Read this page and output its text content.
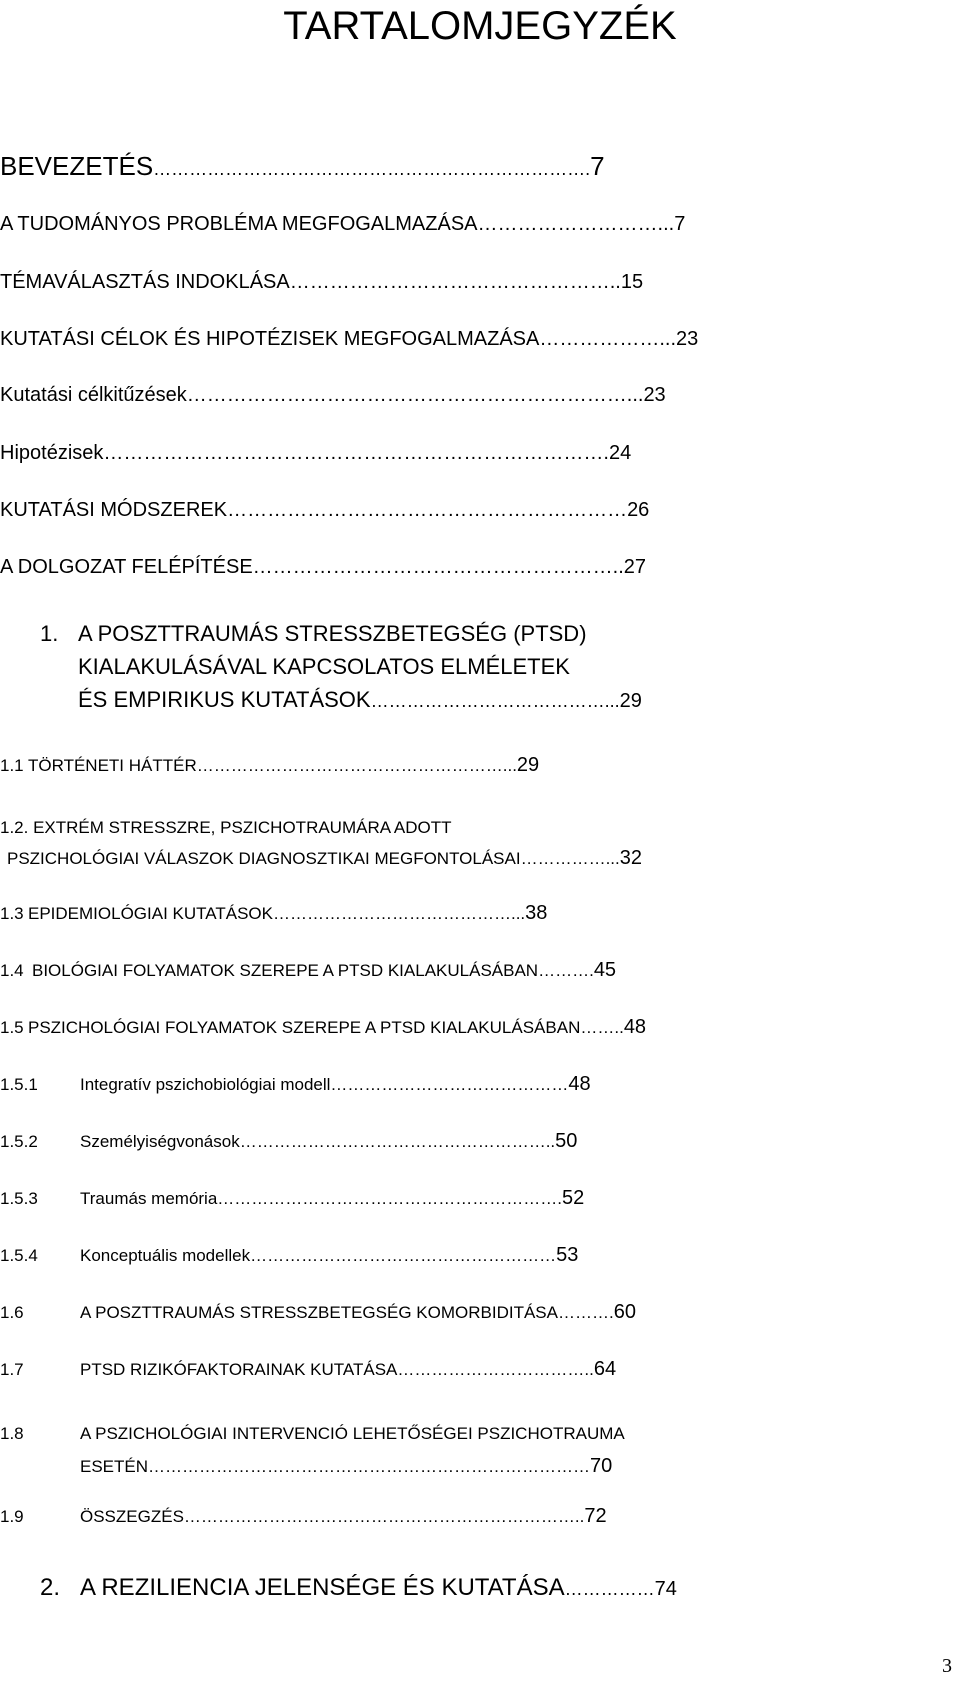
TARTALOMJEGYZÉK
BEVEZETÉS……………………………………………………………….7
A TUDOMÁNYOS PROBLÉMA MEGFOGALMAZÁSA………………………...7
TÉMAVÁLASZTÁS INDOKLÁSA…………………………………………..15
KUTATÁSI CÉLOK ÉS HIPOTÉZISEK MEGFOGALMAZÁSA………………...23
Kutatási célkitűzések…………………………………………………………...23
Hipotézisek………………………………………………………………….24
KUTATÁSI MÓDSZEREK……………………………………………………26
A DOLGOZAT FELÉPÍTÉSE………………………………………………..27
1. A POSZTTRAUMÁS STRESSZBETEGSÉG (PTSD)
KIALAKULÁSÁVAL KAPCSOLATOS ELMÉLETEK
ÉS EMPIRIKUS KUTATÁSOK…………………………………...29
1.1 TÖRTÉNETI HÁTTÉR………………………………………………...29
1.2. EXTRÉM STRESSZRE, PSZICHOTRAUMÁRA ADOTT
PSZICHOLÓGIAI VÁLASZOK DIAGNOSZTIKAI MEGFONTOLÁSAI……………...32
1.3 EPIDEMIOLÓGIAI KUTATÁSOK……………………………………...38
1.4 BIOLÓGIAI FOLYAMATOK SZEREPE A PTSD KIALAKULÁSÁBAN……….45
1.5 PSZICHOLÓGIAI FOLYAMATOK SZEREPE A PTSD KIALAKULÁSÁBAN……..48
1.5.1 Integratív pszichobiológiai modell……………………………………48
1.5.2 Személyiségvonások………………………………………………..50
1.5.3 Traumás memória…………………………………………………….52
1.5.4 Konceptuális modellek………………………………………………53
1.6	A POSZTTRAUMÁS STRESSZBETEGSÉG KOMORBIDITÁSA……….60
1.7	PTSD RIZIKÓFAKTORAINAK KUTATÁSA……………………………..64
1.8	A PSZICHOLÓGIAI INTERVENCIÓ LEHETŐSÉGEI PSZICHOTRAUMA
ESETÉN……………………………………………………………………70
1.9	ÖSSZEGZÉS……………………………………………………………..72
2. A REZILIENCIA JELENSÉGE ÉS KUTATÁSA……………74
3
